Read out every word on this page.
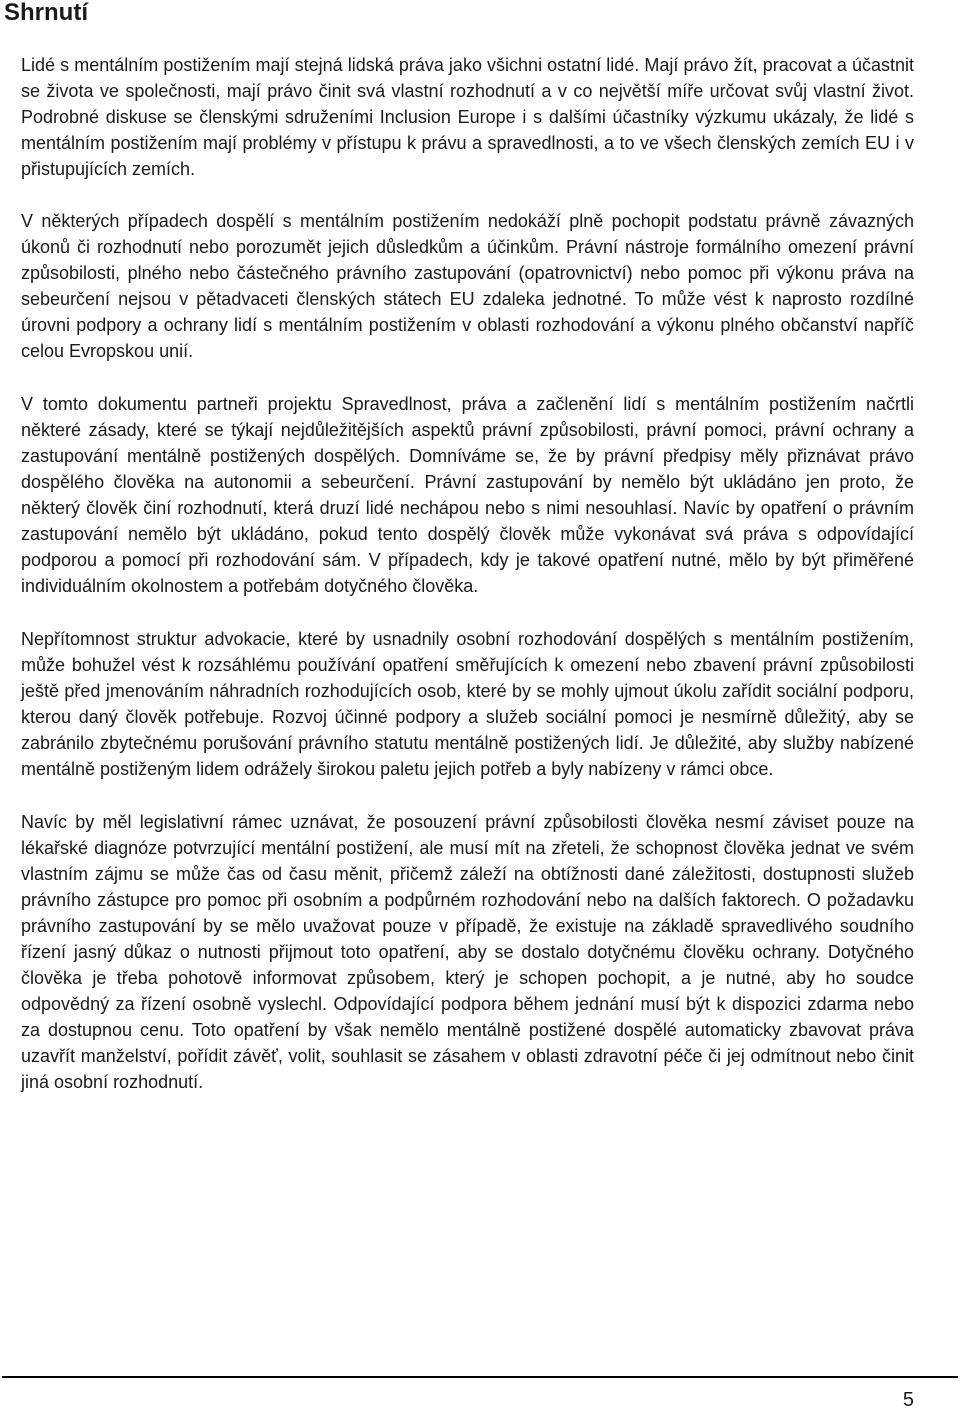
Shrnutí

Lidé s mentálním postižením mají stejná lidská práva jako všichni ostatní lidé. Mají právo žít, pracovat a účastnit se života ve společnosti, mají právo činit svá vlastní rozhodnutí a v co největší míře určovat svůj vlastní život. Podrobné diskuse se členskými sdruženími Inclusion Europe i s dalšími účastníky výzkumu ukázaly, že lidé s mentálním postižením mají problémy v přístupu k právu a spravedlnosti, a to ve všech členských zemích EU i v přistupujících zemích.

V některých případech dospělí s mentálním postižením nedokáží plně pochopit podstatu právně závazných úkonů či rozhodnutí nebo porozumět jejich důsledkům a účinkům. Právní nástroje formálního omezení právní způsobilosti, plného nebo částečného právního zastupování (opatrovnictví) nebo pomoc při výkonu práva na sebeurčení nejsou v pětadvaceti členských státech EU zdaleka jednotné. To může vést k naprosto rozdílné úrovni podpory a ochrany lidí s mentálním postižením v oblasti rozhodování a výkonu plného občanství napříč celou Evropskou unií.

V tomto dokumentu partneři projektu Spravedlnost, práva a začlenění lidí s mentálním postižením načrtli některé zásady, které se týkají nejdůležitějších aspektů právní způsobilosti, právní pomoci, právní ochrany a zastupování mentálně postižených dospělých. Domníváme se, že by právní předpisy měly přiznávat právo dospělého člověka na autonomii a sebeurčení. Právní zastupování by nemělo být ukládáno jen proto, že některý člověk činí rozhodnutí, která druzí lidé nechápou nebo s nimi nesouhlasí. Navíc by opatření o právním zastupování nemělo být ukládáno, pokud tento dospělý člověk může vykonávat svá práva s odpovídající podporou a pomocí při rozhodování sám. V případech, kdy je takové opatření nutné, mělo by být přiměřené individuálním okolnostem a potřebám dotyčného člověka.

Nepřítomnost struktur advokacie, které by usnadnily osobní rozhodování dospělých s mentálním postižením, může bohužel vést k rozsáhlému používání opatření směřujících k omezení nebo zbavení právní způsobilosti ještě před jmenováním náhradních rozhodujících osob, které by se mohly ujmout úkolu zařídit sociální podporu, kterou daný člověk potřebuje. Rozvoj účinné podpory a služeb sociální pomoci je nesmírně důležitý, aby se zabránilo zbytečnému porušování právního statutu mentálně postižených lidí. Je důležité, aby služby nabízené mentálně postiženým lidem odrážely širokou paletu jejich potřeb a byly nabízeny v rámci obce.

Navíc by měl legislativní rámec uznávat, že posouzení právní způsobilosti člověka nesmí záviset pouze na lékařské diagnóze potvrzující mentální postižení, ale musí mít na zřeteli, že schopnost člověka jednat ve svém vlastním zájmu se může čas od času měnit, přičemž záleží na obtížnosti dané záležitosti, dostupnosti služeb právního zástupce pro pomoc při osobním a podpůrném rozhodování nebo na dalších faktorech. O požadavku právního zastupování by se mělo uvažovat pouze v případě, že existuje na základě spravedlivého soudního řízení jasný důkaz o nutnosti přijmout toto opatření, aby se dostalo dotyčnému člověku ochrany. Dotyčného člověka je třeba pohotově informovat způsobem, který je schopen pochopit, a je nutné, aby ho soudce odpovědný za řízení osobně vyslechl. Odpovídající podpora během jednání musí být k dispozici zdarma nebo za dostupnou cenu. Toto opatření by však nemělo mentálně postižené dospělé automaticky zbavovat práva uzavřít manželství, pořídit závěť, volit, souhlasit se zásahem v oblasti zdravotní péče či jej odmítnout nebo činit jiná osobní rozhodnutí.

5
